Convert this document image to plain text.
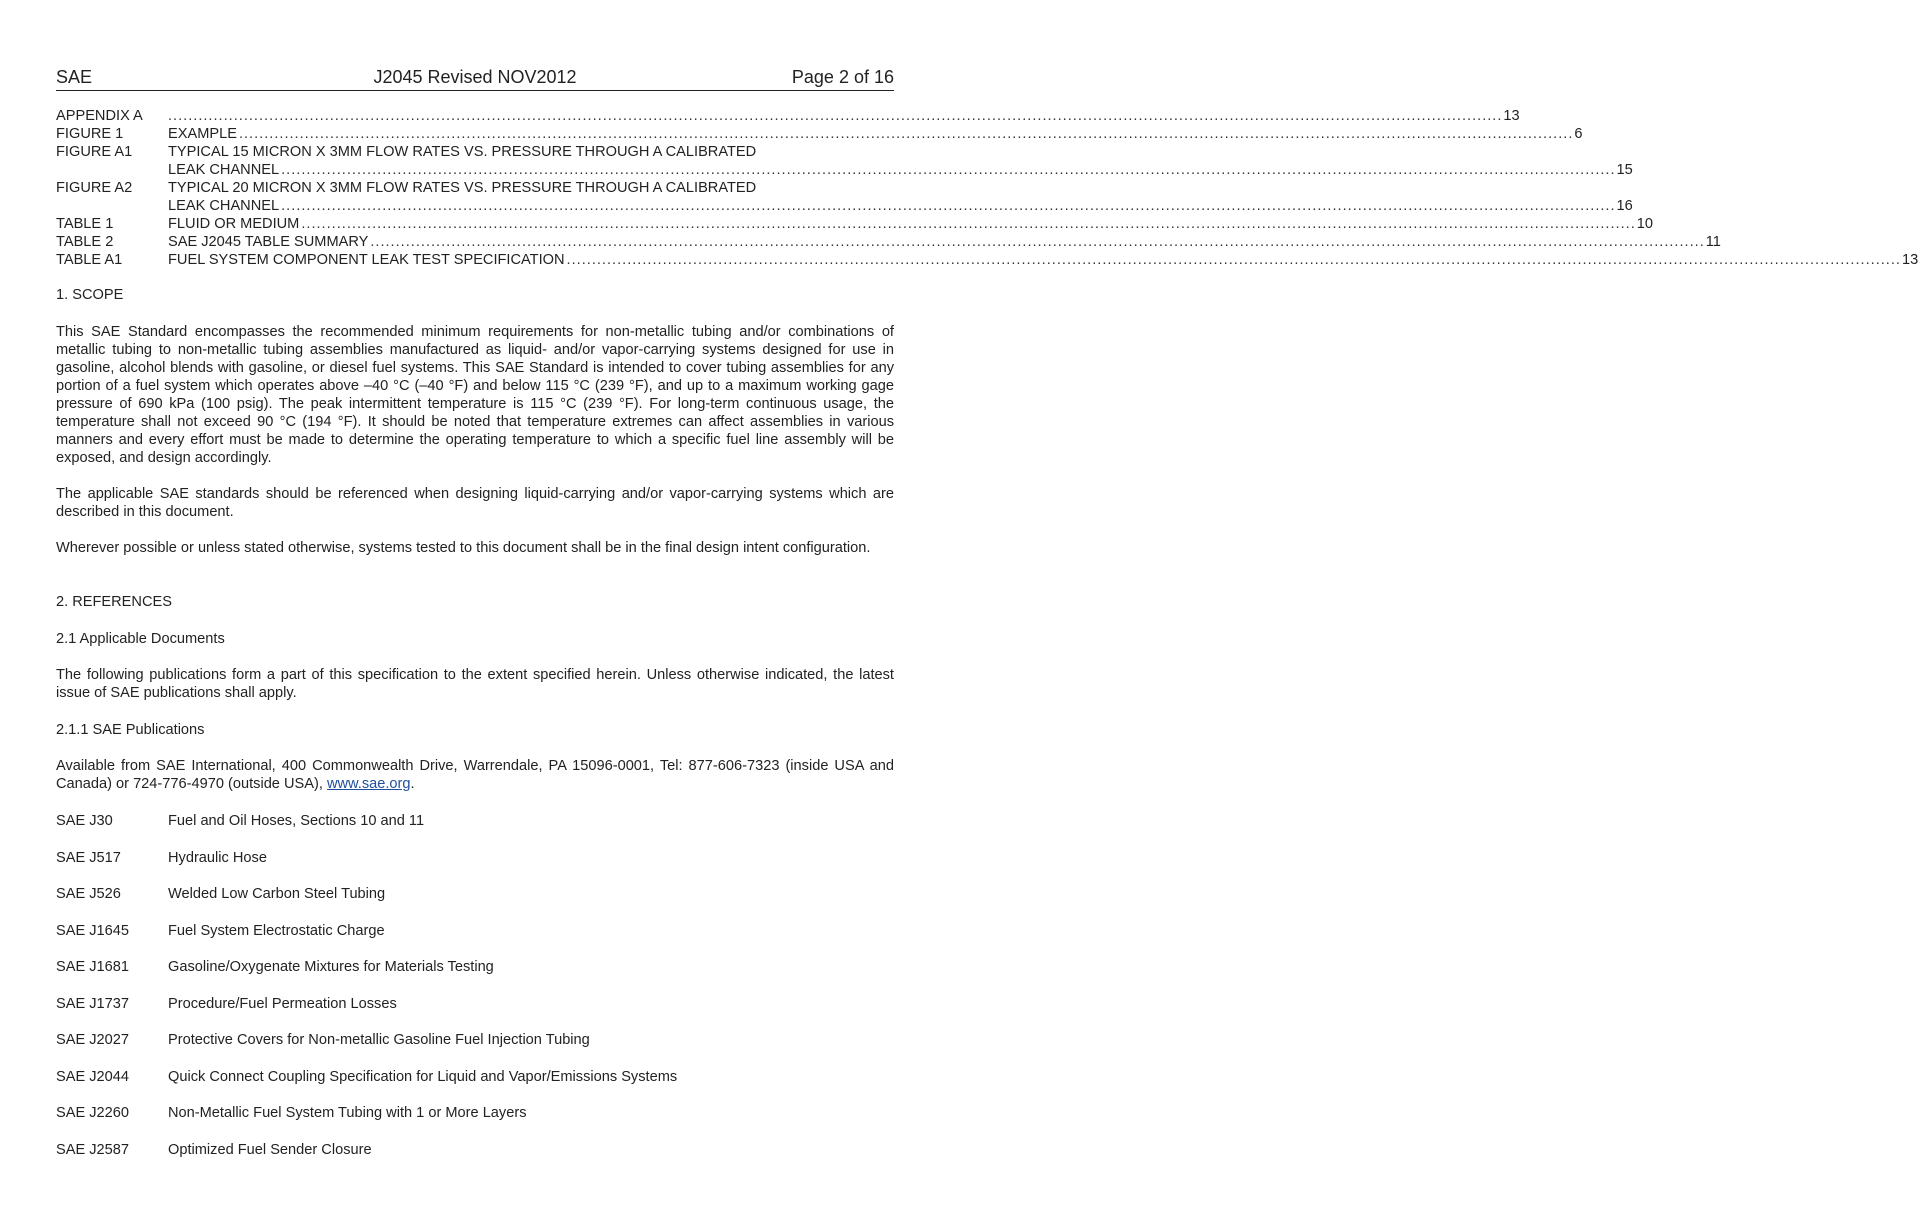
J2045 Revised NOV2012
SAE	Page 2 of 16
APPENDIX A .....	13
FIGURE 1	EXAMPLE .....	6
FIGURE A1	TYPICAL 15 MICRON X 3MM FLOW RATES VS. PRESSURE THROUGH A CALIBRATED
LEAK CHANNEL .....	15
FIGURE A2	TYPICAL 20 MICRON X 3MM FLOW RATES VS. PRESSURE THROUGH A CALIBRATED
LEAK CHANNEL .....	16
TABLE 1	FLUID OR MEDIUM .....	10
TABLE 2	SAE J2045 TABLE SUMMARY .....	11
TABLE A1	FUEL SYSTEM COMPONENT LEAK TEST SPECIFICATION .....	13
1. SCOPE
This SAE Standard encompasses the recommended minimum requirements for non-metallic tubing and/or combinations of metallic tubing to non-metallic tubing assemblies manufactured as liquid- and/or vapor-carrying systems designed for use in gasoline, alcohol blends with gasoline, or diesel fuel systems. This SAE Standard is intended to cover tubing assemblies for any portion of a fuel system which operates above –40 °C (–40 °F) and below 115 °C (239 °F), and up to a maximum working gage pressure of 690 kPa (100 psig). The peak intermittent temperature is 115 °C (239 °F). For long-term continuous usage, the temperature shall not exceed 90 °C (194 °F). It should be noted that temperature extremes can affect assemblies in various manners and every effort must be made to determine the operating temperature to which a specific fuel line assembly will be exposed, and design accordingly.
The applicable SAE standards should be referenced when designing liquid-carrying and/or vapor-carrying systems which are described in this document.
Wherever possible or unless stated otherwise, systems tested to this document shall be in the final design intent configuration.
2. REFERENCES
2.1 Applicable Documents
The following publications form a part of this specification to the extent specified herein. Unless otherwise indicated, the latest issue of SAE publications shall apply.
2.1.1 SAE Publications
Available from SAE International, 400 Commonwealth Drive, Warrendale, PA 15096-0001, Tel: 877-606-7323 (inside USA and Canada) or 724-776-4970 (outside USA), www.sae.org.
SAE J30	Fuel and Oil Hoses, Sections 10 and 11
SAE J517	Hydraulic Hose
SAE J526	Welded Low Carbon Steel Tubing
SAE J1645	Fuel System Electrostatic Charge
SAE J1681	Gasoline/Oxygenate Mixtures for Materials Testing
SAE J1737	Procedure/Fuel Permeation Losses
SAE J2027	Protective Covers for Non-metallic Gasoline Fuel Injection Tubing
SAE J2044	Quick Connect Coupling Specification for Liquid and Vapor/Emissions Systems
SAE J2260	Non-Metallic Fuel System Tubing with 1 or More Layers
SAE J2587	Optimized Fuel Sender Closure
